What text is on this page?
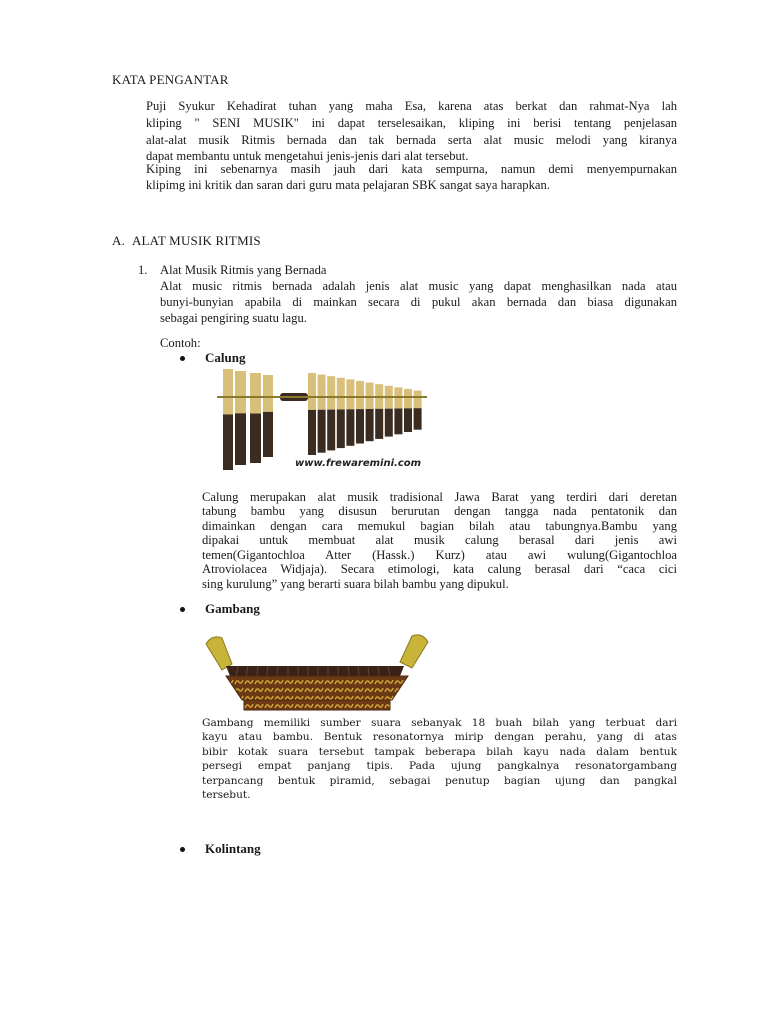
KATA PENGANTAR
Puji Syukur Kehadirat tuhan yang maha Esa, karena atas berkat dan rahmat-Nya lah
kliping " SENI MUSIK" ini dapat terselesaikan, kliping ini berisi tentang penjelasan
alat-alat musik Ritmis bernada dan tak bernada serta alat music melodi yang kiranya
dapat membantu untuk mengetahui jenis-jenis dari alat tersebut.
Kiping ini sebenarnya masih jauh dari kata sempurna, namun demi menyempurnakan
klipimg ini kritik dan saran dari guru mata pelajaran SBK sangat saya harapkan.
A. ALAT MUSIK RITMIS
1. Alat Musik Ritmis yang Bernada
Alat music ritmis bernada adalah jenis alat music yang dapat menghasilkan nada atau
bunyi-bunyian apabila di mainkan secara di pukul akan bernada dan biasa digunakan
sebagai pengiring suatu lagu.
Contoh:
Calung
www.frewaremini.com
Calung merupakan alat musik tradisional Jawa Barat yang terdiri dari deretan
tabung bambu yang disusun berurutan dengan tangga nada pentatonik dan
dimainkan dengan cara memukul bagian bilah atau tabungnya.Bambu yang
dipakai untuk membuat alat musik calung berasal dari jenis awi
temen(Gigantochloa Atter (Hassk.) Kurz) atau awi wulung(Gigantochloa
Atroviolacea Widjaja). Secara etimologi, kata calung berasal dari “caca cici
sing kurulung” yang berarti suara bilah bambu yang dipukul.
Gambang
Gambang memiliki sumber suara sebanyak 18 buah bilah yang terbuat dari
kayu atau bambu. Bentuk resonatornya mirip dengan perahu, yang di atas
bibir kotak suara tersebut tampak beberapa bilah kayu nada dalam bentuk
persegi empat panjang tipis. Pada ujung pangkalnya resonatorgambang
terpancang bentuk piramid, sebagai penutup bagian ujung dan pangkal
tersebut.
Kolintang
